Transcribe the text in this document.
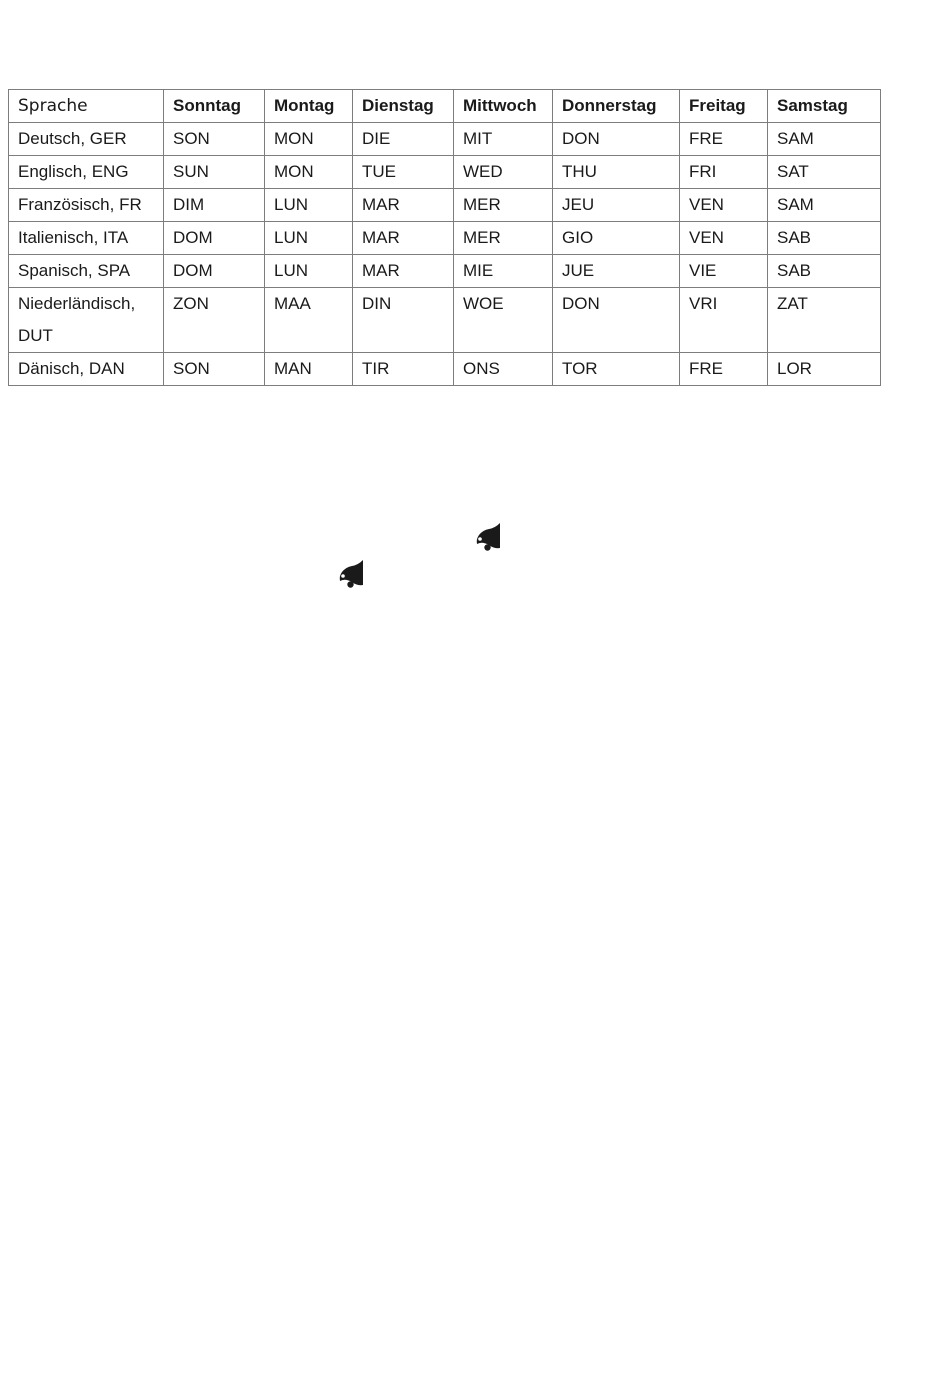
Sprache	Sonntag	Montag	Dienstag	Mittwoch	Donnerstag	Freitag	Samstag
Deutsch, GER	SON	MON	DIE	MIT	DON	FRE	SAM
Englisch, ENG	SUN	MON	TUE	WED	THU	FRI	SAT
Französisch, FR	DIM	LUN	MAR	MER	JEU	VEN	SAM
Italienisch, ITA	DOM	LUN	MAR	MER	GIO	VEN	SAB
Spanisch, SPA	DOM	LUN	MAR	MIE	JUE	VIE	SAB
Niederländisch, DUT	ZON	MAA	DIN	WOE	DON	VRI	ZAT
Dänisch, DAN	SON	MAN	TIR	ONS	TOR	FRE	LOR
